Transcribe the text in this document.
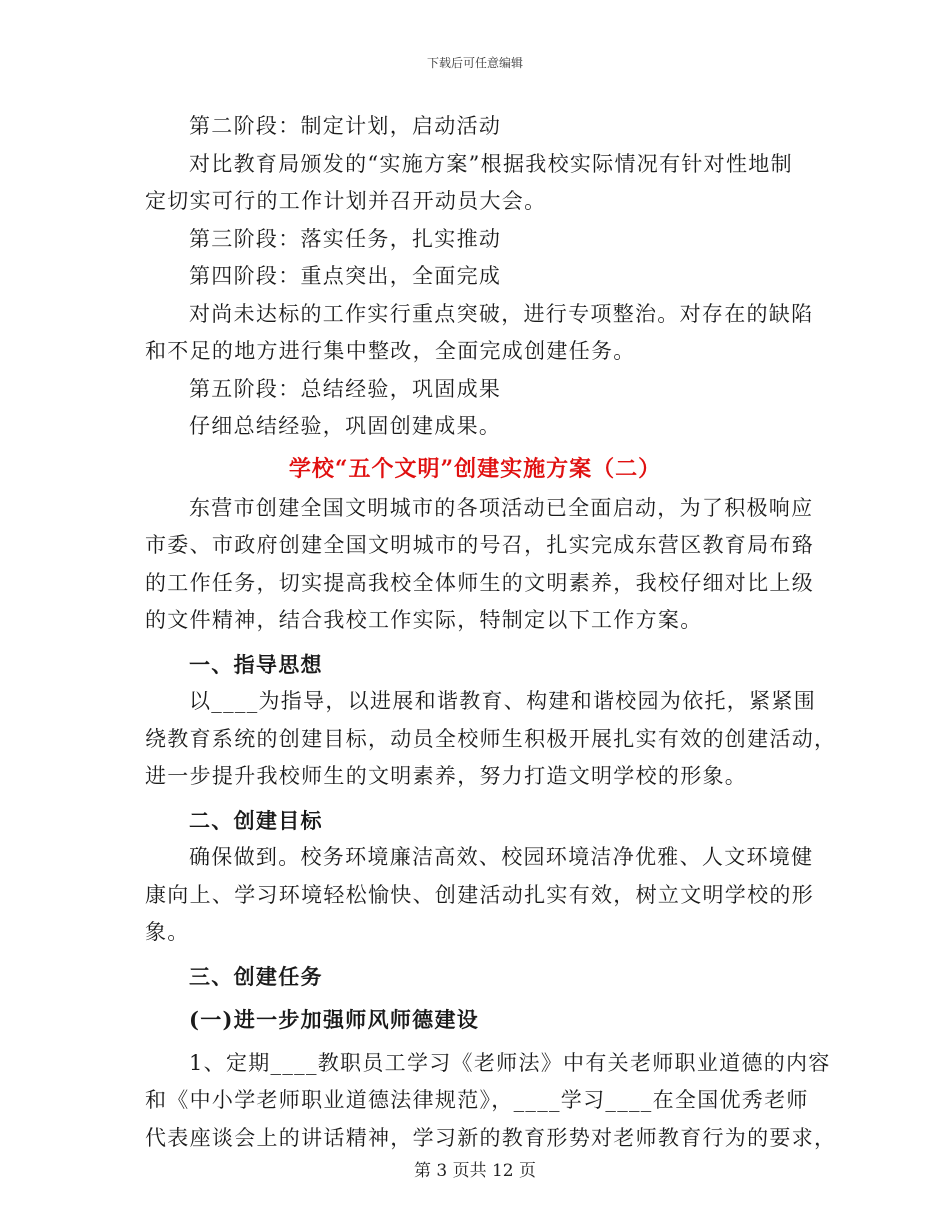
下载后可任意编辑
第二阶段：制定计划，启动活动
对比教育局颁发的“实施方案”根据我校实际情况有针对性地制
定切实可行的工作计划并召开动员大会。
第三阶段：落实任务，扎实推动
第四阶段：重点突出，全面完成
对尚未达标的工作实行重点突破，进行专项整治。对存在的缺陷
和不足的地方进行集中整改，全面完成创建任务。
第五阶段：总结经验，巩固成果
仔细总结经验，巩固创建成果。
学校“五个文明”创建实施方案（二）
东营市创建全国文明城市的各项活动已全面启动，为了积极响应
市委、市政府创建全国文明城市的号召，扎实完成东营区教育局布臵
的工作任务，切实提高我校全体师生的文明素养，我校仔细对比上级
的文件精神，结合我校工作实际，特制定以下工作方案。
一、指导思想
以____为指导，以进展和谐教育、构建和谐校园为依托，紧紧围
绕教育系统的创建目标，动员全校师生积极开展扎实有效的创建活动，
进一步提升我校师生的文明素养，努力打造文明学校的形象。
二、创建目标
确保做到。校务环境廉洁高效、校园环境洁净优雅、人文环境健
康向上、学习环境轻松愉快、创建活动扎实有效，树立文明学校的形
象。
三、创建任务
(一)进一步加强师风师德建设
1、定期____教职员工学习《老师法》中有关老师职业道德的内容
和《中小学老师职业道德法律规范》，____学习____在全国优秀老师
代表座谈会上的讲话精神，学习新的教育形势对老师教育行为的要求，
第 3 页共 12 页
